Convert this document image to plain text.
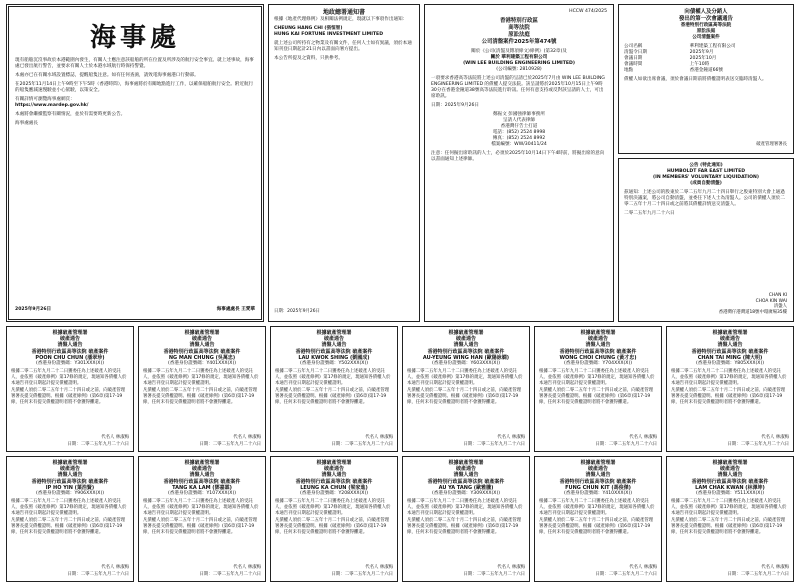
海事處

現有船舶沉沒事故於本港範圍內發生，有關人士應注意該船舶的所在位置及所涉及的航行安全事宜。就上述事故，海事處已發出航行警告，並要求有關人士於本港水域航行時保持警覺。

本處亦已在有關水域設置標誌，提醒船隻注意。如有任何查詢，請致電海事處港口行動部。

在2025年11月14日上午9時至下午5時（香港時間），海事處將於有關地點進行工作，以確保船舶航行安全。附近航行的船隻應減速慢駛並小心駕駛，以策安全。

有關詳情可瀏覽海事處網頁：

https://www.mardep.gov.hk/

本處將會繼續監察有關情況，並於有需要時更新公告。

海事處處長

2025年9月26日	海事處處長 王愛華
地政總署通知書

根據《地產代理條例》及相關法例規定，現就以下事項作出通知：

CHEUNG HANG CHI (張恒智)

HUNG KAI FORTUNE INVESTMENT LIMITED

就上述公司所持有之物業及有關文件，任何人士如有異議，須於本通知刊登日期起計21日內以書面向署方提出。

本公告所提及之資料，只供參考。

日期：2025年9月26日
HCCW 474/2025
香港特別行政區
高等法院
原訟法庭
公司清盤案件2025年第474號
關於《公司(清盤及雜項條文)條例》(第32章)及
關於 華利建築工程有限公司
(WIN LEE BUILDING ENGINEERING LIMITED)
(公司編號: 2810928)

一項要求香港高等法院將上述公司清盤的呈請已於2025年7月由 WIN LEE BUILDING ENGINEERING LIMITED 的債權人提交法院。該呈請將於2025年10月15日上午9時30分在香港金鐘道38號高等法院進行聆訊。任何有意支持或反對該呈請的人士，可出席聆訊。

日期：2025年9月26日

鄭振文 彭國強律師事務所
呈請人代表律師
香港灣仔告士打道
電話：(852) 2524 8998
傳真：(852) 2524 8992
檔案編號：WW/30411/24

注意：任何擬出席聆訊的人士，必須於2025年10月14日下午4時前，將擬出席的意向以書面通知上述律師。

向債權人及分銷人
發出的第一次會議通告
香港特別行政區高等法院
原訟法庭
公司清盤案件
公司名稱	華利建築工程有限公司
清盤令日期	2025年9月
會議日期	2025年10月
會議時間	上午10時
地點	香港金鐘道66號

債權人如欲出席會議，須於會議日期前將債權證明表送交臨時清盤人。

破產管理署署長
公告 (特此通知)
HUMBOLDT FAR EAST LIMITED
(IN MEMBERS' VOLUNTARY LIQUIDATION)
(成員自動清盤)

茲通知：上述公司的股東於二零二五年九月二十四日舉行之股東特別大會上通過特別決議案，將公司自動清盤，並委任下述人士為清盤人。公司的債權人須於二零二五年十月二十四日或之前將其債權詳情送交清盤人。

二零二五年九月二十六日

CHAN KI
CHOA KIN WAI
清盤人
香港灣仔港灣道18號中環廣場35樓
根據破產管理署
破產通告
清盤人通告
香港特別行政區高等法院 破產案件
POON CHU CHUN (潘翠珍)
(香港身份證號碼：Y301XXX(X))

根據二零二五年九月二十二日獲委任為上述破產人的受託人，並依照《破產條例》第17條的規定，現通知各債權人於本通告刊登日期起計提交債權證明。

凡債權人須於二零二五年十月二十四日或之前，向破產管理署署長提交債權證明。根據《破產條例》(第6章)第17-19條，任何未有提交債權證明者將不會獲得攤還。

代名人 林淑梅
日期：二零二五年九月二十六日
根據破產管理署
破產通告
清盤人通告
香港特別行政區高等法院 破產案件
NG MAN CHUNG (吳萬忠)
(香港身份證號碼：Y401XXX(X))

根據二零二五年九月二十二日獲委任為上述破產人的受託人，並依照《破產條例》第17條的規定，現通知各債權人於本通告刊登日期起計提交債權證明。

凡債權人須於二零二五年十月二十四日或之前，向破產管理署署長提交債權證明。根據《破產條例》(第6章)第17-19條，任何未有提交債權證明者將不會獲得攤還。

代名人 林淑梅
日期：二零二五年九月二十六日
根據破產管理署
破產通告
清盤人通告
香港特別行政區高等法院 破產案件
LAU KWOK SHING (劉國成)
(香港身份證號碼：Y502XXX(X))

根據二零二五年九月二十二日獲委任為上述破產人的受託人，並依照《破產條例》第17條的規定，現通知各債權人於本通告刊登日期起計提交債權證明。

凡債權人須於二零二五年十月二十四日或之前，向破產管理署署長提交債權證明。根據《破產條例》(第6章)第17-19條，任何未有提交債權證明者將不會獲得攤還。

代名人 林淑梅
日期：二零二五年九月二十六日
根據破產管理署
破產通告
清盤人通告
香港特別行政區高等法院 破產案件
AU-YEUNG WING HAN (歐陽詠嫻)
(香港身份證號碼：Y603XXX(X))

根據二零二五年九月二十二日獲委任為上述破產人的受託人，並依照《破產條例》第17條的規定，現通知各債權人於本通告刊登日期起計提交債權證明。

凡債權人須於二零二五年十月二十四日或之前，向破產管理署署長提交債權證明。根據《破產條例》(第6章)第17-19條，任何未有提交債權證明者將不會獲得攤還。

代名人 林淑梅
日期：二零二五年九月二十六日
根據破產管理署
破產通告
清盤人通告
香港特別行政區高等法院 破產案件
WONG CHOI CHUNG (黃才忠)
(香港身份證號碼：Y704XXX(X))

根據二零二五年九月二十二日獲委任為上述破產人的受託人，並依照《破產條例》第17條的規定，現通知各債權人於本通告刊登日期起計提交債權證明。

凡債權人須於二零二五年十月二十四日或之前，向破產管理署署長提交債權證明。根據《破產條例》(第6章)第17-19條，任何未有提交債權證明者將不會獲得攤還。

代名人 林淑梅
日期：二零二五年九月二十六日
根據破產管理署
破產通告
清盤人通告
香港特別行政區高等法院 破產案件
CHAN TAI MING (陳大明)
(香港身份證號碼：Y805XXX(X))

根據二零二五年九月二十二日獲委任為上述破產人的受託人，並依照《破產條例》第17條的規定，現通知各債權人於本通告刊登日期起計提交債權證明。

凡債權人須於二零二五年十月二十四日或之前，向破產管理署署長提交債權證明。根據《破產條例》(第6章)第17-19條，任何未有提交債權證明者將不會獲得攤還。

代名人 林淑梅
日期：二零二五年九月二十六日
根據破產管理署
破產通告
清盤人通告
香港特別行政區高等法院 破產案件
IP HO YIN (葉浩賢)
(香港身份證號碼：Y906XXX(X))

根據二零二五年九月二十二日獲委任為上述破產人的受託人，並依照《破產條例》第17條的規定，現通知各債權人於本通告刊登日期起計提交債權證明。

凡債權人須於二零二五年十月二十四日或之前，向破產管理署署長提交債權證明。根據《破產條例》(第6章)第17-19條，任何未有提交債權證明者將不會獲得攤還。

代名人 林淑梅
日期：二零二五年九月二十六日
根據破產管理署
破產通告
清盤人通告
香港特別行政區高等法院 破產案件
TANG KA LAM (鄧嘉霖)
(香港身份證號碼：Y107XXX(X))

根據二零二五年九月二十二日獲委任為上述破產人的受託人，並依照《破產條例》第17條的規定，現通知各債權人於本通告刊登日期起計提交債權證明。

凡債權人須於二零二五年十月二十四日或之前，向破產管理署署長提交債權證明。根據《破產條例》(第6章)第17-19條，任何未有提交債權證明者將不會獲得攤還。

代名人 林淑梅
日期：二零二五年九月二十六日
根據破產管理署
破產通告
清盤人通告
香港特別行政區高等法院 破產案件
LEUNG KA CHUN (梁家進)
(香港身份證號碼：Y208XXX(X))

根據二零二五年九月二十二日獲委任為上述破產人的受託人，並依照《破產條例》第17條的規定，現通知各債權人於本通告刊登日期起計提交債權證明。

凡債權人須於二零二五年十月二十四日或之前，向破產管理署署長提交債權證明。根據《破產條例》(第6章)第17-19條，任何未有提交債權證明者將不會獲得攤還。

代名人 林淑梅
日期：二零二五年九月二十六日
根據破產管理署
破產通告
清盤人通告
香港特別行政區高等法院 破產案件
AU YA TANG (歐雅騰)
(香港身份證號碼：Y309XXX(X))

根據二零二五年九月二十二日獲委任為上述破產人的受託人，並依照《破產條例》第17條的規定，現通知各債權人於本通告刊登日期起計提交債權證明。

凡債權人須於二零二五年十月二十四日或之前，向破產管理署署長提交債權證明。根據《破產條例》(第6章)第17-19條，任何未有提交債權證明者將不會獲得攤還。

代名人 林淑梅
日期：二零二五年九月二十六日
根據破產管理署
破產通告
清盤人通告
香港特別行政區高等法院 破產案件
FUNG CHUN KIT (馮俊傑)
(香港身份證號碼：Y410XXX(X))

根據二零二五年九月二十二日獲委任為上述破產人的受託人，並依照《破產條例》第17條的規定，現通知各債權人於本通告刊登日期起計提交債權證明。

凡債權人須於二零二五年十月二十四日或之前，向破產管理署署長提交債權證明。根據《破產條例》(第6章)第17-19條，任何未有提交債權證明者將不會獲得攤還。

代名人 林淑梅
日期：二零二五年九月二十六日
根據破產管理署
破產通告
清盤人通告
香港特別行政區高等法院 破產案件
LAM CHAK KWAN (林澤坤)
(香港身份證號碼：Y511XXX(X))

根據二零二五年九月二十二日獲委任為上述破產人的受託人，並依照《破產條例》第17條的規定，現通知各債權人於本通告刊登日期起計提交債權證明。

凡債權人須於二零二五年十月二十四日或之前，向破產管理署署長提交債權證明。根據《破產條例》(第6章)第17-19條，任何未有提交債權證明者將不會獲得攤還。

代名人 林淑梅
日期：二零二五年九月二十六日
